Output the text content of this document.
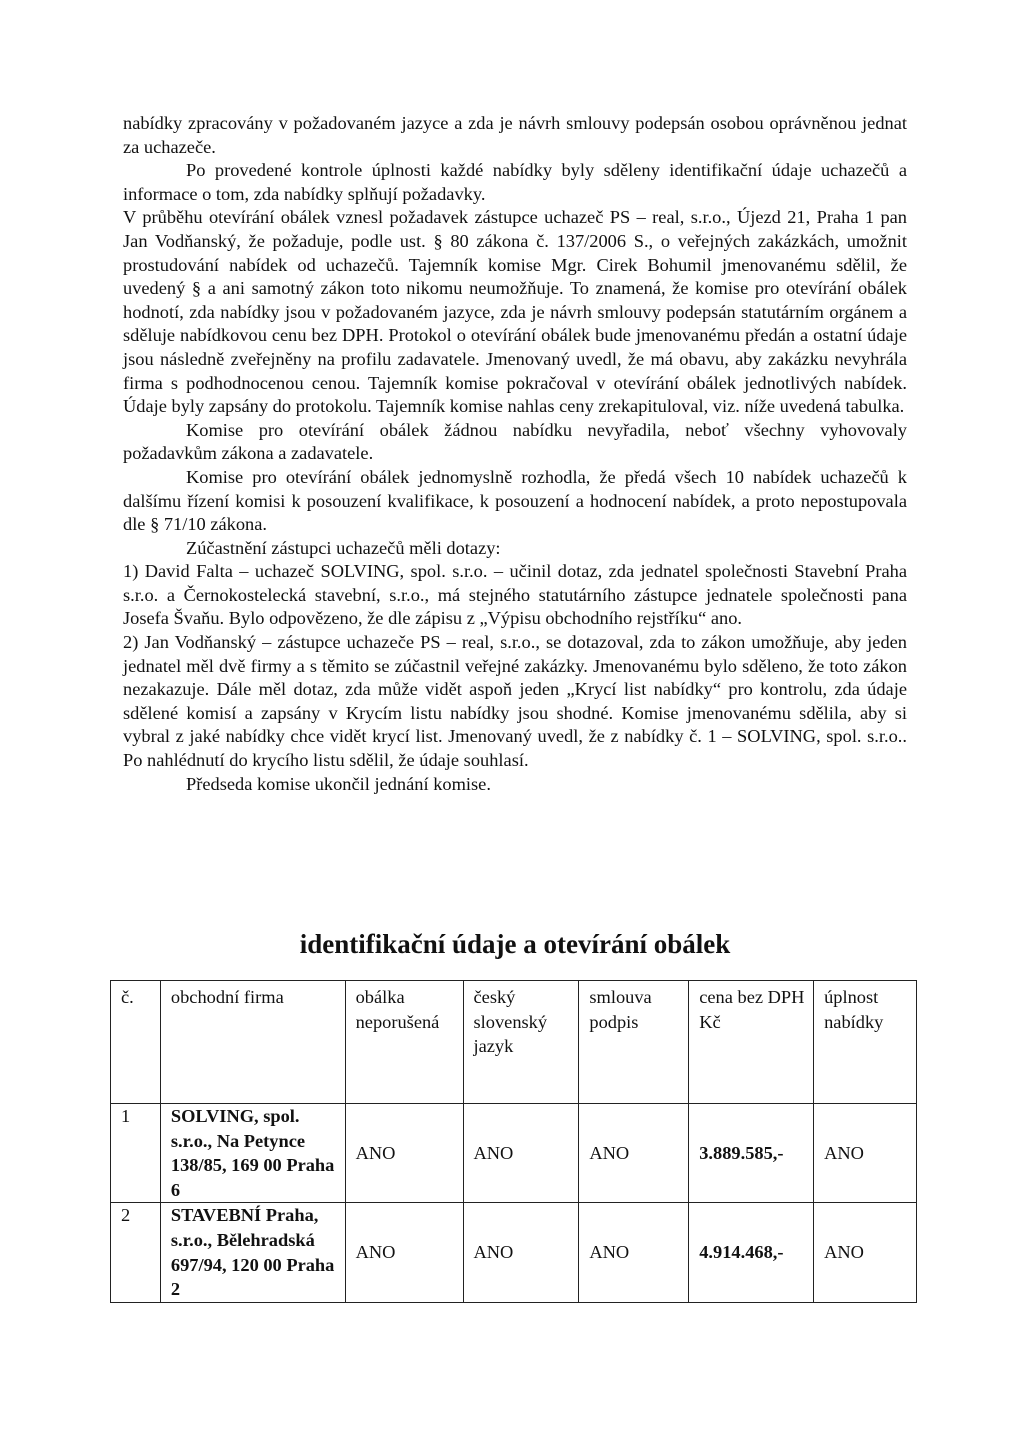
nabídky zpracovány v požadovaném jazyce a zda je návrh smlouvy podepsán osobou oprávněnou jednat za uchazeče.

Po provedené kontrole úplnosti každé nabídky byly sděleny identifikační údaje uchazečů a informace o tom, zda nabídky splňují požadavky.

V průběhu otevírání obálek vznesl požadavek zástupce uchazeč PS – real, s.r.o., Újezd 21, Praha 1 pan Jan Vodňanský, že požaduje, podle ust. § 80 zákona č. 137/2006 S., o veřejných zakázkách, umožnit prostudování nabídek od uchazečů. Tajemník komise Mgr. Cirek Bohumil jmenovanému sdělil, že uvedený § a ani samotný zákon toto nikomu neumožňuje. To znamená, že komise pro otevírání obálek hodnotí, zda nabídky jsou v požadovaném jazyce, zda je návrh smlouvy podepsán statutárním orgánem a sděluje nabídkovou cenu bez DPH. Protokol o otevírání obálek bude jmenovanému předán a ostatní údaje jsou následně zveřejněny na profilu zadavatele. Jmenovaný uvedl, že má obavu, aby zakázku nevyhrála firma s podhodnocenou cenou. Tajemník komise pokračoval v otevírání obálek jednotlivých nabídek. Údaje byly zapsány do protokolu. Tajemník komise nahlas ceny zrekapituloval, viz. níže uvedená tabulka.

Komise pro otevírání obálek žádnou nabídku nevyřadila, neboť všechny vyhovovaly požadavkům zákona a zadavatele.

Komise pro otevírání obálek jednomyslně rozhodla, že předá všech 10 nabídek uchazečů k dalšímu řízení komisi k posouzení kvalifikace, k posouzení a hodnocení nabídek, a proto nepostupovala dle § 71/10 zákona.

Zúčastnění zástupci uchazečů měli dotazy:

1) David Falta – uchazeč SOLVING, spol. s.r.o. – učinil dotaz, zda jednatel společnosti Stavební Praha s.r.o. a Černokostelecká stavební, s.r.o., má stejného statutárního zástupce jednatele společnosti pana Josefa Švaňu. Bylo odpovězeno, že dle zápisu z „Výpisu obchodního rejstříku“ ano.

2) Jan Vodňanský – zástupce uchazeče PS – real, s.r.o., se dotazoval, zda to zákon umožňuje, aby jeden jednatel měl dvě firmy a s těmito se zúčastnil veřejné zakázky. Jmenovanému bylo sděleno, že toto zákon nezakazuje. Dále měl dotaz, zda může vidět aspoň jeden „Krycí list nabídky“ pro kontrolu, zda údaje sdělené komisí a zapsány v Krycím listu nabídky jsou shodné. Komise jmenovanému sdělila, aby si vybral z jaké nabídky chce vidět krycí list. Jmenovaný uvedl, že z nabídky č. 1 – SOLVING, spol. s.r.o.. Po nahlédnutí do krycího listu sdělil, že údaje souhlasí.

Předseda komise ukončil jednání komise.

identifikační údaje a otevírání obálek
č.	obchodní firma	obálka neporušená	český slovenský jazyk	smlouva podpis	cena bez DPH Kč	úplnost nabídky
1	SOLVING, spol. s.r.o., Na Petynce 138/85, 169 00 Praha 6	ANO	ANO	ANO	3.889.585,-	ANO
2	STAVEBNÍ Praha, s.r.o., Bělehradská 697/94, 120 00 Praha 2	ANO	ANO	ANO	4.914.468,-	ANO
